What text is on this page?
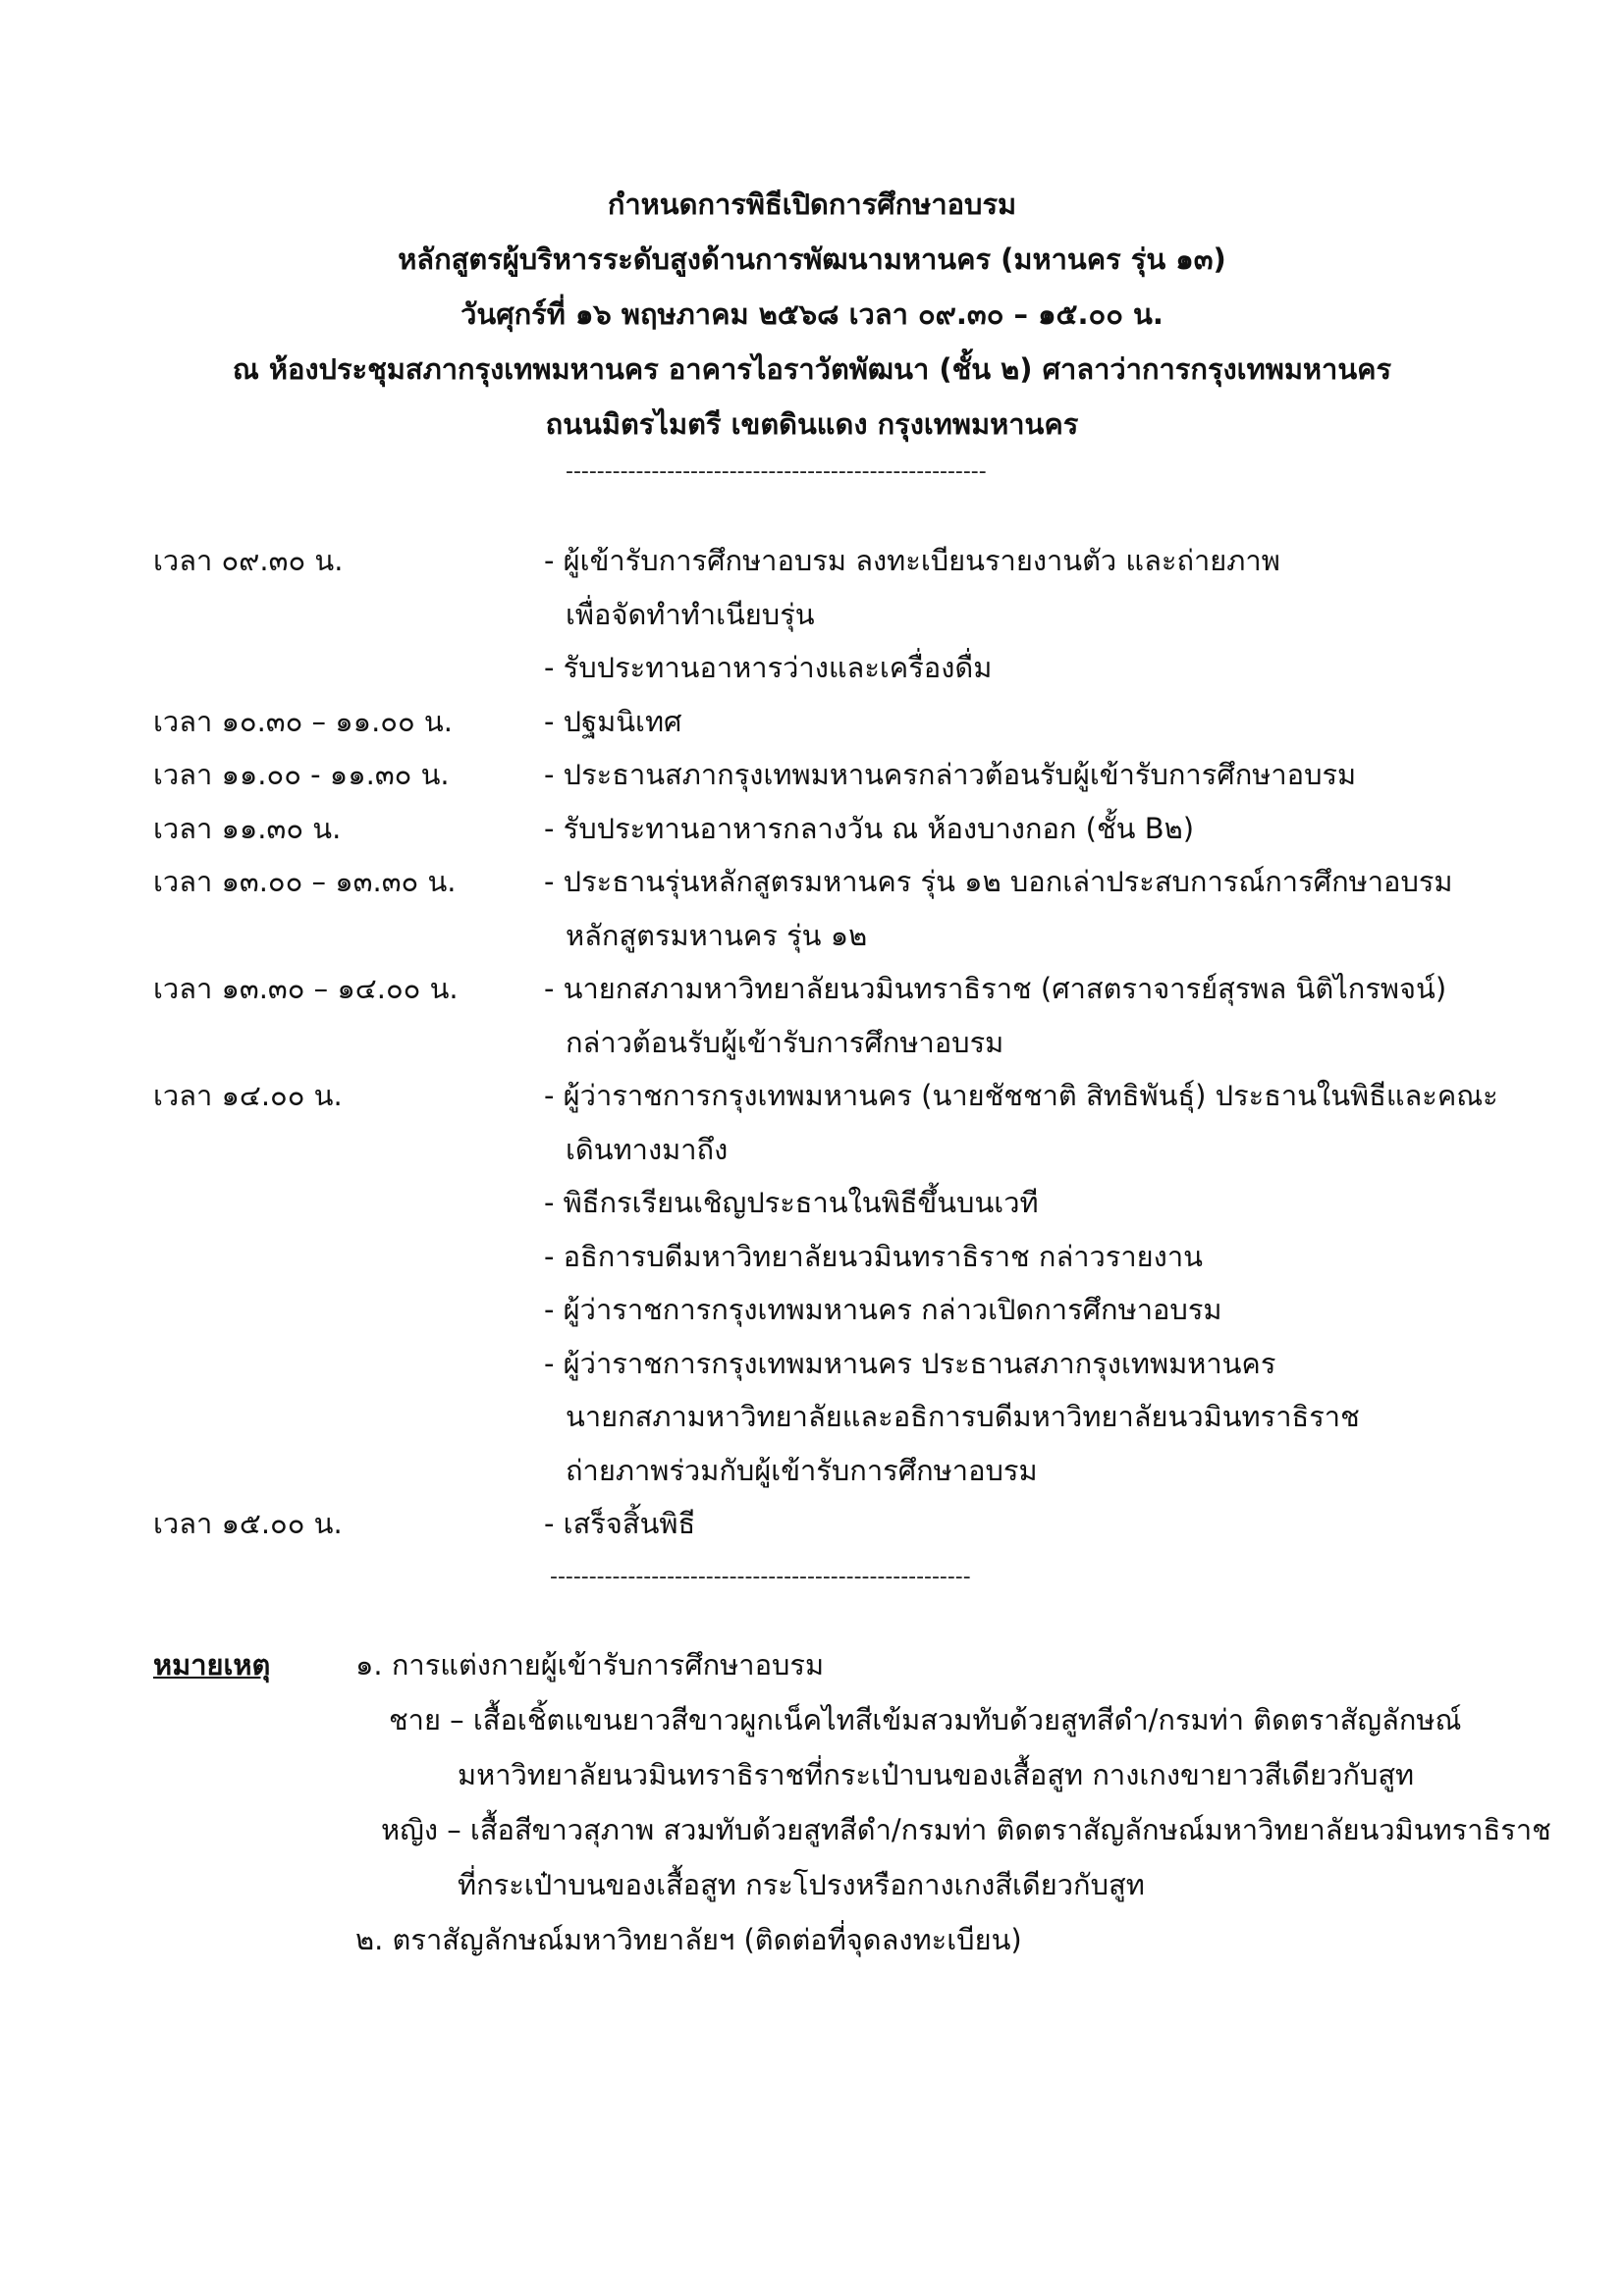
กำหนดการพิธีเปิดการศึกษาอบรม
หลักสูตรผู้บริหารระดับสูงด้านการพัฒนามหานคร (มหานคร รุ่น ๑๓)
วันศุกร์ที่ ๑๖ พฤษภาคม ๒๕๖๘ เวลา ๐๙.๓๐ – ๑๕.๐๐ น.
ณ ห้องประชุมสภากรุงเทพมหานคร อาคารไอราวัตพัฒนา (ชั้น ๒) ศาลาว่าการกรุงเทพมหานคร
ถนนมิตรไมตรี เขตดินแดง กรุงเทพมหานคร
------------------------------------------------------
เวลา ๐๙.๓๐ น.	- ผู้เข้ารับการศึกษาอบรม ลงทะเบียนรายงานตัว และถ่ายภาพ
เพื่อจัดทำทำเนียบรุ่น
- รับประทานอาหารว่างและเครื่องดื่ม
เวลา ๑๐.๓๐ – ๑๑.๐๐ น.	- ปฐมนิเทศ
เวลา ๑๑.๐๐ - ๑๑.๓๐ น.	- ประธานสภากรุงเทพมหานครกล่าวต้อนรับผู้เข้ารับการศึกษาอบรม
เวลา ๑๑.๓๐ น.	- รับประทานอาหารกลางวัน ณ ห้องบางกอก (ชั้น B๒)
เวลา ๑๓.๐๐ – ๑๓.๓๐ น.	- ประธานรุ่นหลักสูตรมหานคร รุ่น ๑๒ บอกเล่าประสบการณ์การศึกษาอบรม
หลักสูตรมหานคร รุ่น ๑๒
เวลา ๑๓.๓๐ – ๑๔.๐๐ น.	- นายกสภามหาวิทยาลัยนวมินทราธิราช (ศาสตราจารย์สุรพล นิติไกรพจน์)
กล่าวต้อนรับผู้เข้ารับการศึกษาอบรม
เวลา ๑๔.๐๐ น.	- ผู้ว่าราชการกรุงเทพมหานคร (นายชัชชาติ สิทธิพันธุ์) ประธานในพิธีและคณะ
เดินทางมาถึง
- พิธีกรเรียนเชิญประธานในพิธีขึ้นบนเวที
- อธิการบดีมหาวิทยาลัยนวมินทราธิราช กล่าวรายงาน
- ผู้ว่าราชการกรุงเทพมหานคร กล่าวเปิดการศึกษาอบรม
- ผู้ว่าราชการกรุงเทพมหานคร ประธานสภากรุงเทพมหานคร
นายกสภามหาวิทยาลัยและอธิการบดีมหาวิทยาลัยนวมินทราธิราช
ถ่ายภาพร่วมกับผู้เข้ารับการศึกษาอบรม
เวลา ๑๕.๐๐ น.	- เสร็จสิ้นพิธี
------------------------------------------------------
หมายเหตุ	๑. การแต่งกายผู้เข้ารับการศึกษาอบรม
ชาย – เสื้อเชิ้ตแขนยาวสีขาวผูกเน็คไทสีเข้มสวมทับด้วยสูทสีดำ/กรมท่า ติดตราสัญลักษณ์
มหาวิทยาลัยนวมินทราธิราชที่กระเป๋าบนของเสื้อสูท กางเกงขายาวสีเดียวกับสูท
หญิง – เสื้อสีขาวสุภาพ สวมทับด้วยสูทสีดำ/กรมท่า ติดตราสัญลักษณ์มหาวิทยาลัยนวมินทราธิราช
ที่กระเป๋าบนของเสื้อสูท กระโปรงหรือกางเกงสีเดียวกับสูท
๒. ตราสัญลักษณ์มหาวิทยาลัยฯ (ติดต่อที่จุดลงทะเบียน)
